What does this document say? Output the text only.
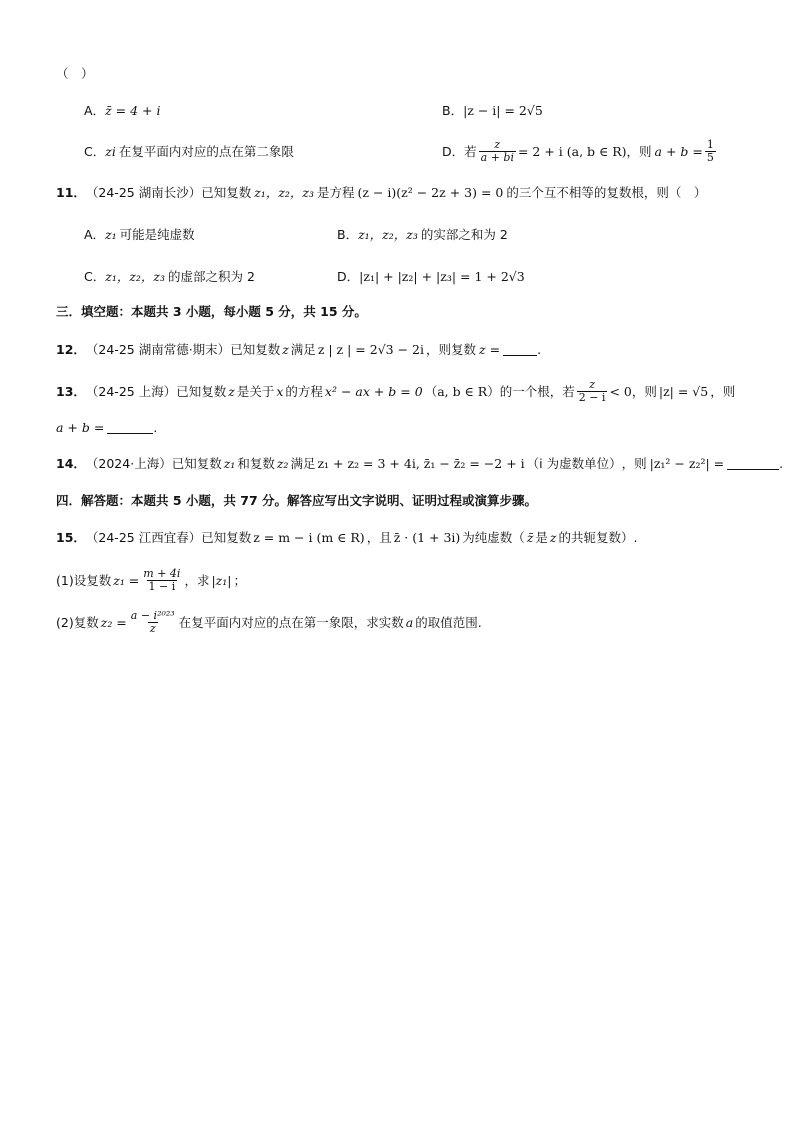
（　）
A． z̄ = 4 + i	B． |z − i| = 2√5
C． zi 在复平面内对应的点在第二象限	D． 若 $\frac{z}{a + bi} = 2 + i$ (a, b ∈ R)，则 $a + b = \frac{1}{5}$
11． （24-25 湖南长沙） 已知复数 z₁，z₂，z₃ 是方程 (z − i)(z² − 2z + 3) = 0 的三个互不相等的复数根，则（　）
A． z₁ 可能是纯虚数	B． z₁，z₂，z₃ 的实部之和为 2
C． z₁，z₂，z₃ 的虚部之积为 2	D． |z₁| + |z₂| + |z₃| = 1 + 2√3
三．填空题：本题共 3 小题，每小题 5 分，共 15 分。
12． （24-25 湖南常德·期末） 已知复数 z 满足 z | z | = 2√3 − 2i ，则复数 z =	.
13． （24-25 上海） 已知复数 z 是关于 x 的方程 x² − ax + b = 0 （a, b ∈ R） 的一个根，若 $\frac{z}{2 - i} < 0$ ，则 |z| = √5 ，则
a + b =	.
14． （2024·上海） 已知复数 z₁ 和复数 z₂ 满足 z₁ + z₂ = 3 + 4i, z̄₁ − z̄₂ = −2 + i （i 为虚数单位） ，则 |z₁² − z₂²| =	.
四．解答题：本题共 5 小题，共 77 分。解答应写出文字说明、证明过程或演算步骤。
15． （24-25 江西宜春） 已知复数 z = m − i (m ∈ R) ，且 z̄ · (1 + 3i) 为纯虚数（ z̄ 是 z 的共轭复数）.
(1) 设复数 $z_1 = \frac{m + 4i}{1 - i}$ ，求 |z₁| ；
(2) 复数 $z_2 = \frac{\text{a − i²⁰²³}}{z}$ 在复平面内对应的点在第一象限，求实数 a 的取值范围.
